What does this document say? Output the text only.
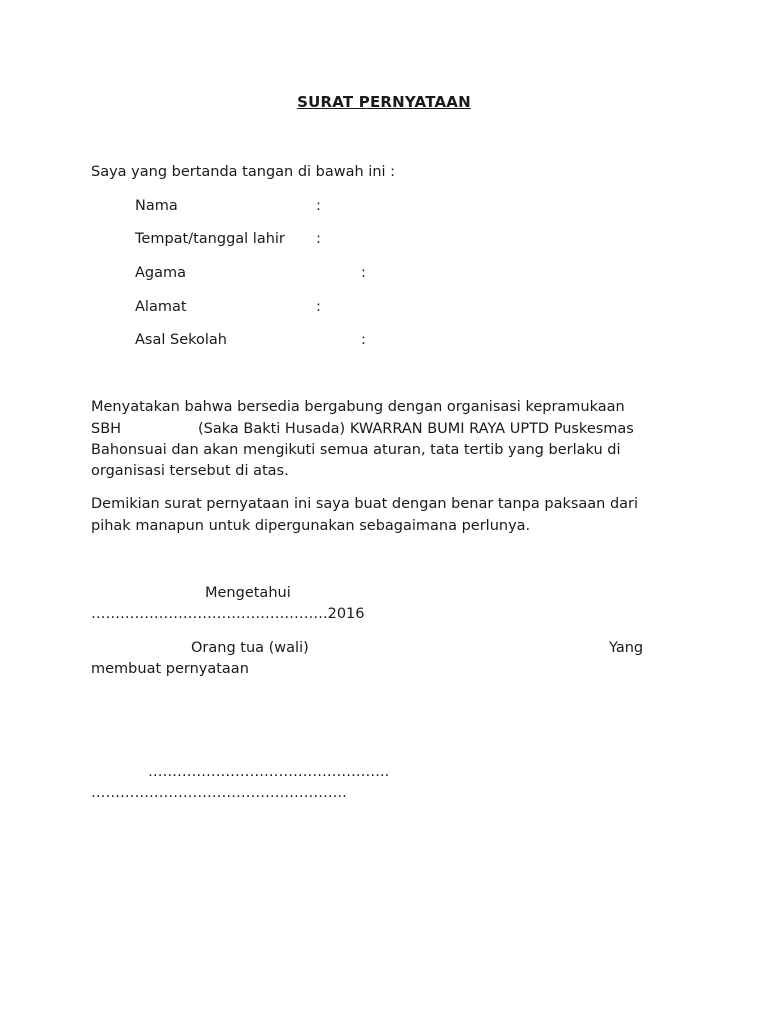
SURAT PERNYATAAN
Saya yang bertanda tangan di bawah ini :
Nama	:
Tempat/tanggal lahir :
Agama	:
Alamat	:
Asal Sekolah	:
Menyatakan bahwa bersedia bergabung dengan organisasi kepramukaan
SBH	(Saka Bakti Husada) KWARRAN BUMI RAYA UPTD Puskesmas
Bahonsuai dan akan mengikuti semua aturan, tata tertib yang berlaku di
organisasi tersebut di atas.
Demikian surat pernyataan ini saya buat dengan benar tanpa paksaan dari
pihak manapun untuk dipergunakan sebagaimana perlunya.
Mengetahui
………………………………………….2016
Orang tua (wali)	Yang
membuat pernyataan
…………………………………………..
……………………………………………..
